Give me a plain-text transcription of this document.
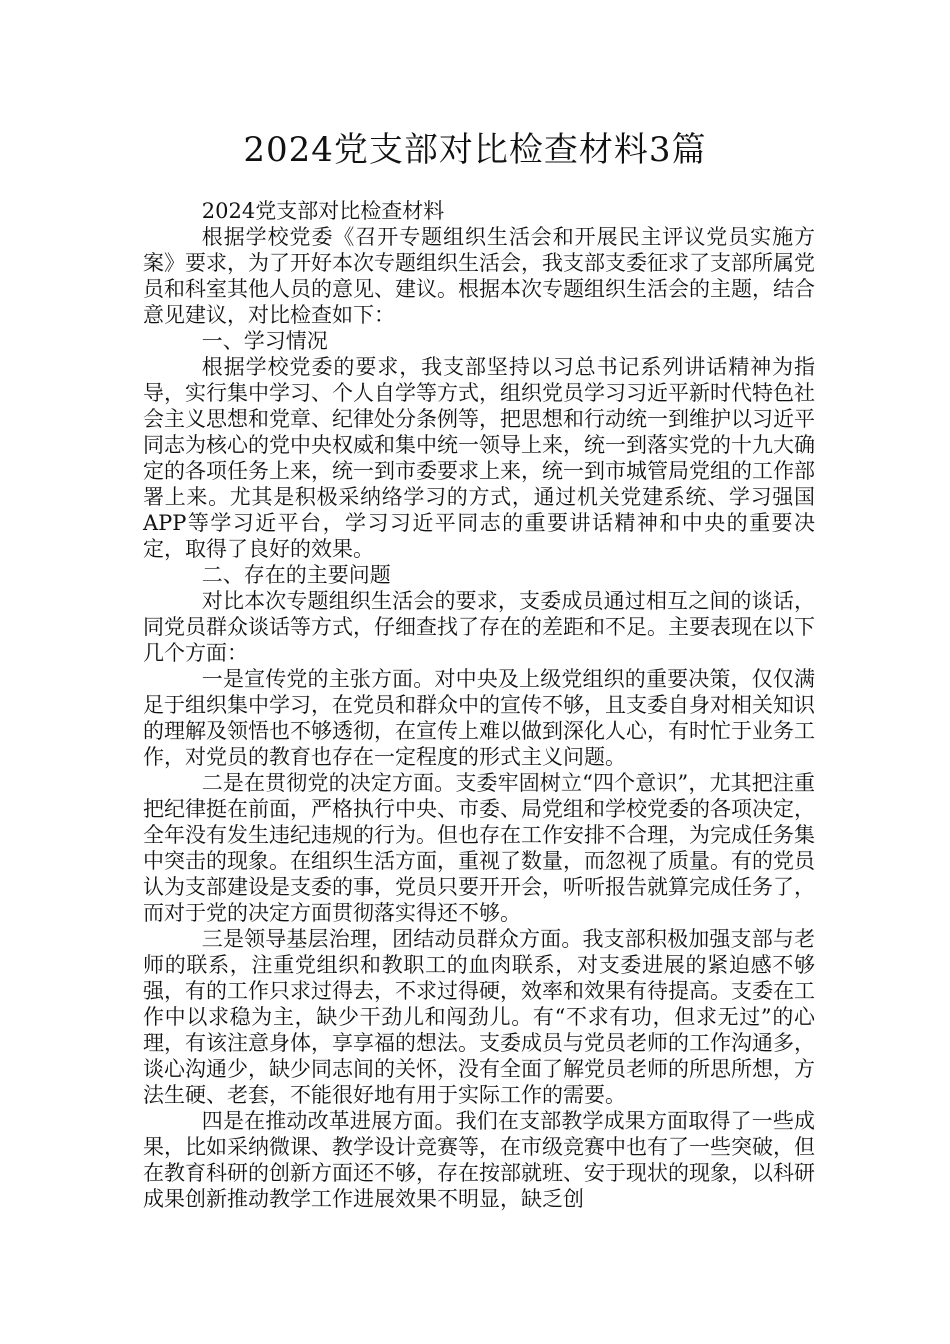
2024党支部对比检查材料3篇

2024党支部对比检查材料

根据学校党委《召开专题组织生活会和开展民主评议党员实施方案》要求，为了开好本次专题组织生活会，我支部支委征求了支部所属党员和科室其他人员的意见、建议。根据本次专题组织生活会的主题，结合意见建议，对比检查如下：

一、学习情况

根据学校党委的要求，我支部坚持以习总书记系列讲话精神为指导，实行集中学习、个人自学等方式，组织党员学习习近平新时代特色社会主义思想和党章、纪律处分条例等，把思想和行动统一到维护以习近平同志为核心的党中央权威和集中统一领导上来，统一到落实党的十九大确定的各项任务上来，统一到市委要求上来，统一到市城管局党组的工作部署上来。尤其是积极采纳络学习的方式，通过机关党建系统、学习强国APP等学习近平台，学习习近平同志的重要讲话精神和中央的重要决定，取得了良好的效果。

二、存在的主要问题

对比本次专题组织生活会的要求，支委成员通过相互之间的谈话，同党员群众谈话等方式，仔细查找了存在的差距和不足。主要表现在以下几个方面：

一是宣传党的主张方面。对中央及上级党组织的重要决策，仅仅满足于组织集中学习，在党员和群众中的宣传不够，且支委自身对相关知识的理解及领悟也不够透彻，在宣传上难以做到深化人心，有时忙于业务工作，对党员的教育也存在一定程度的形式主义问题。

二是在贯彻党的决定方面。支委牢固树立“四个意识”，尤其把注重把纪律挺在前面，严格执行中央、市委、局党组和学校党委的各项决定，全年没有发生违纪违规的行为。但也存在工作安排不合理，为完成任务集中突击的现象。在组织生活方面，重视了数量，而忽视了质量。有的党员认为支部建设是支委的事，党员只要开开会，听听报告就算完成任务了，而对于党的决定方面贯彻落实得还不够。

三是领导基层治理，团结动员群众方面。我支部积极加强支部与老师的联系，注重党组织和教职工的血肉联系，对支委进展的紧迫感不够强，有的工作只求过得去，不求过得硬，效率和效果有待提高。支委在工作中以求稳为主，缺少干劲儿和闯劲儿。有“不求有功，但求无过”的心理，有该注意身体，享享福的想法。支委成员与党员老师的工作沟通多，谈心沟通少，缺少同志间的关怀，没有全面了解党员老师的所思所想，方法生硬、老套，不能很好地有用于实际工作的需要。

四是在推动改革进展方面。我们在支部教学成果方面取得了一些成果，比如采纳微课、教学设计竞赛等，在市级竞赛中也有了一些突破，但在教育科研的创新方面还不够，存在按部就班、安于现状的现象，以科研成果创新推动教学工作进展效果不明显，缺乏创
